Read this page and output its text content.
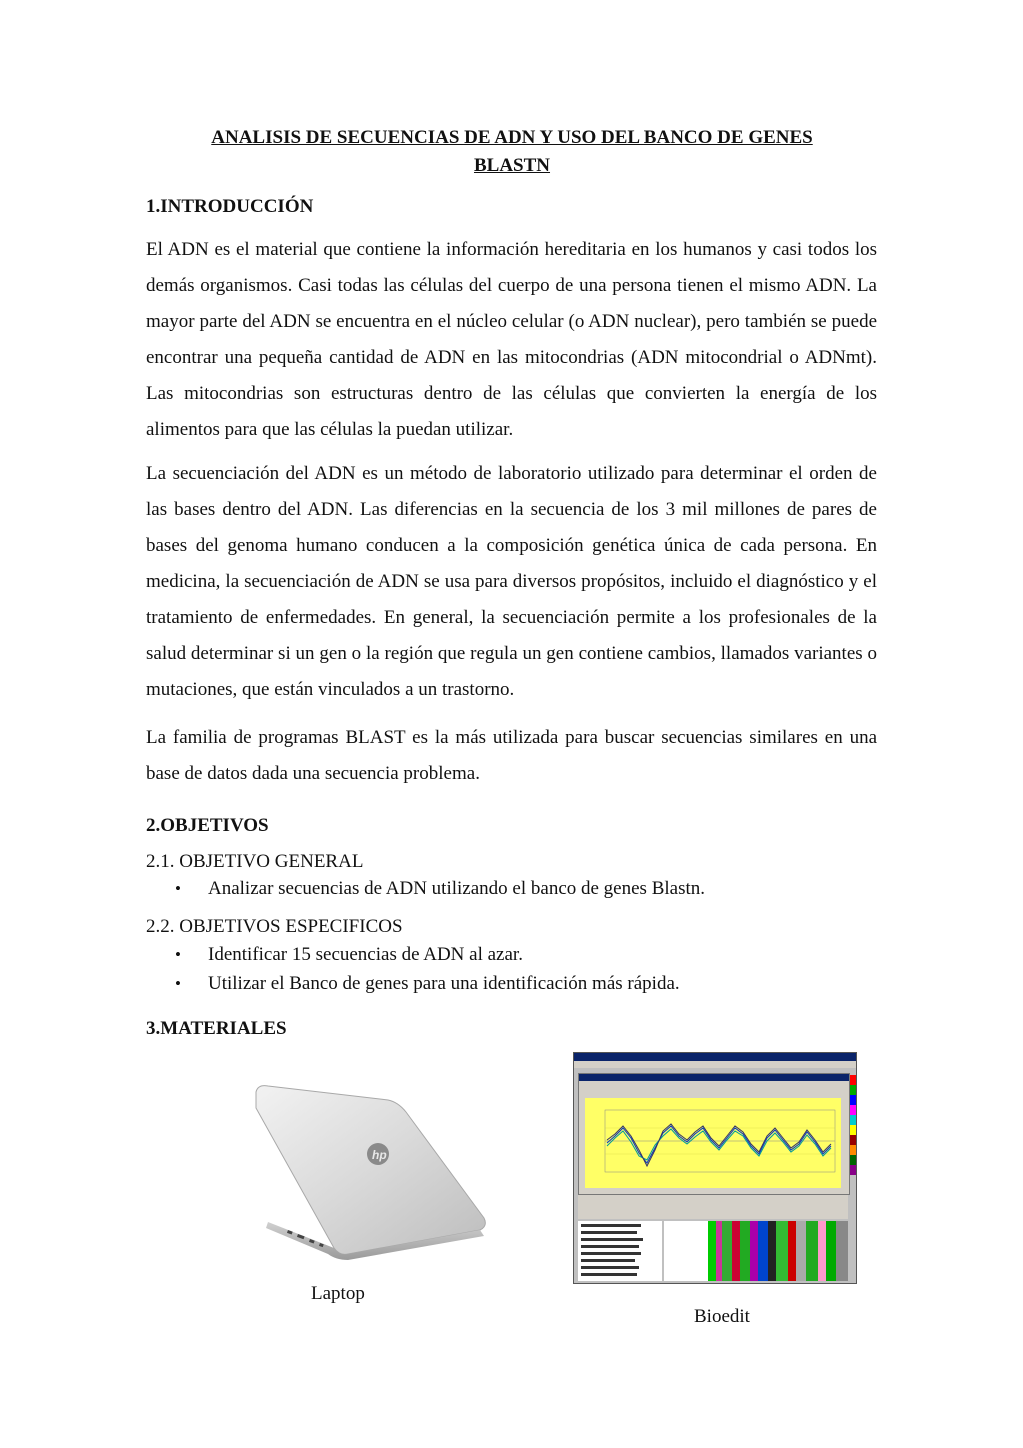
ANALISIS DE SECUENCIAS DE ADN Y USO DEL BANCO DE GENES
BLASTN
1.INTRODUCCIÓN
El ADN es el material que contiene la información hereditaria en los humanos y casi todos los demás organismos. Casi todas las células del cuerpo de una persona tienen el mismo ADN. La mayor parte del ADN se encuentra en el núcleo celular (o ADN nuclear), pero también se puede encontrar una pequeña cantidad de ADN en las mitocondrias (ADN mitocondrial o ADNmt). Las mitocondrias son estructuras dentro de las células que convierten la energía de los alimentos para que las células la puedan utilizar.
La secuenciación del ADN es un método de laboratorio utilizado para determinar el orden de las bases dentro del ADN. Las diferencias en la secuencia de los 3 mil millones de pares de bases del genoma humano conducen a la composición genética única de cada persona. En medicina, la secuenciación de ADN se usa para diversos propósitos, incluido el diagnóstico y el tratamiento de enfermedades. En general, la secuenciación permite a los profesionales de la salud determinar si un gen o la región que regula un gen contiene cambios, llamados variantes o mutaciones, que están vinculados a un trastorno.
La familia de programas BLAST es la más utilizada para buscar secuencias similares en una base de datos dada una secuencia problema.
2.OBJETIVOS
2.1. OBJETIVO GENERAL
• Analizar secuencias de ADN utilizando el banco de genes Blastn.
2.2. OBJETIVOS ESPECIFICOS
• Identificar 15 secuencias de ADN al azar.
• Utilizar el Banco de genes para una identificación más rápida.
3.MATERIALES
hp
Laptop
Bioedit
